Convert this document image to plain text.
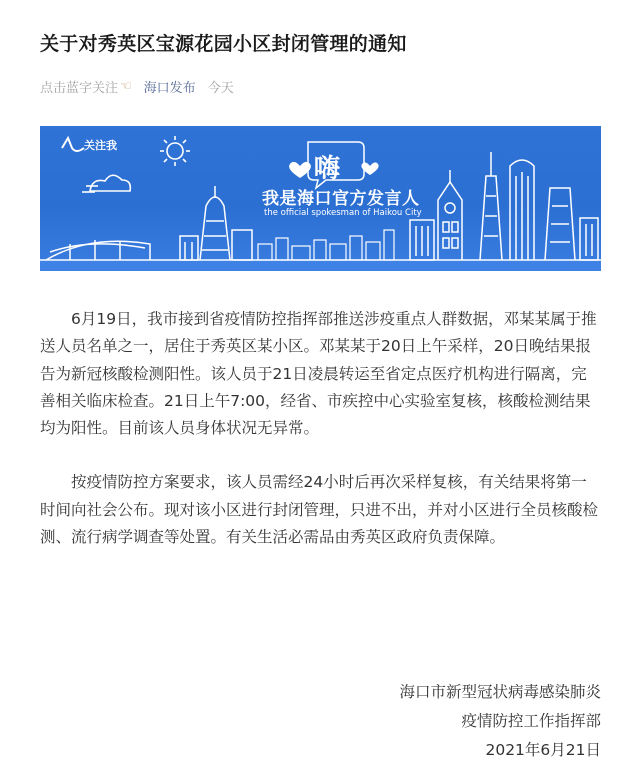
关于对秀英区宝源花园小区封闭管理的通知
点击蓝字关注 ☜ 海口发布 今天
关注我
嗨
我是海口官方发言人
the official spokesman of Haikou City

6月19日，我市接到省疫情防控指挥部推送涉疫重点人群数据，邓某某属于推送人员名单之一，居住于秀英区某小区。邓某某于20日上午采样，20日晚结果报告为新冠核酸检测阳性。该人员于21日凌晨转运至省定点医疗机构进行隔离，完善相关临床检查。21日上午7:00，经省、市疾控中心实验室复核，核酸检测结果均为阳性。目前该人员身体状况无异常。

按疫情防控方案要求，该人员需经24小时后再次采样复核，有关结果将第一时间向社会公布。现对该小区进行封闭管理，只进不出，并对小区进行全员核酸检测、流行病学调查等处置。有关生活必需品由秀英区政府负责保障。

海口市新型冠状病毒感染肺炎
疫情防控工作指挥部
2021年6月21日
